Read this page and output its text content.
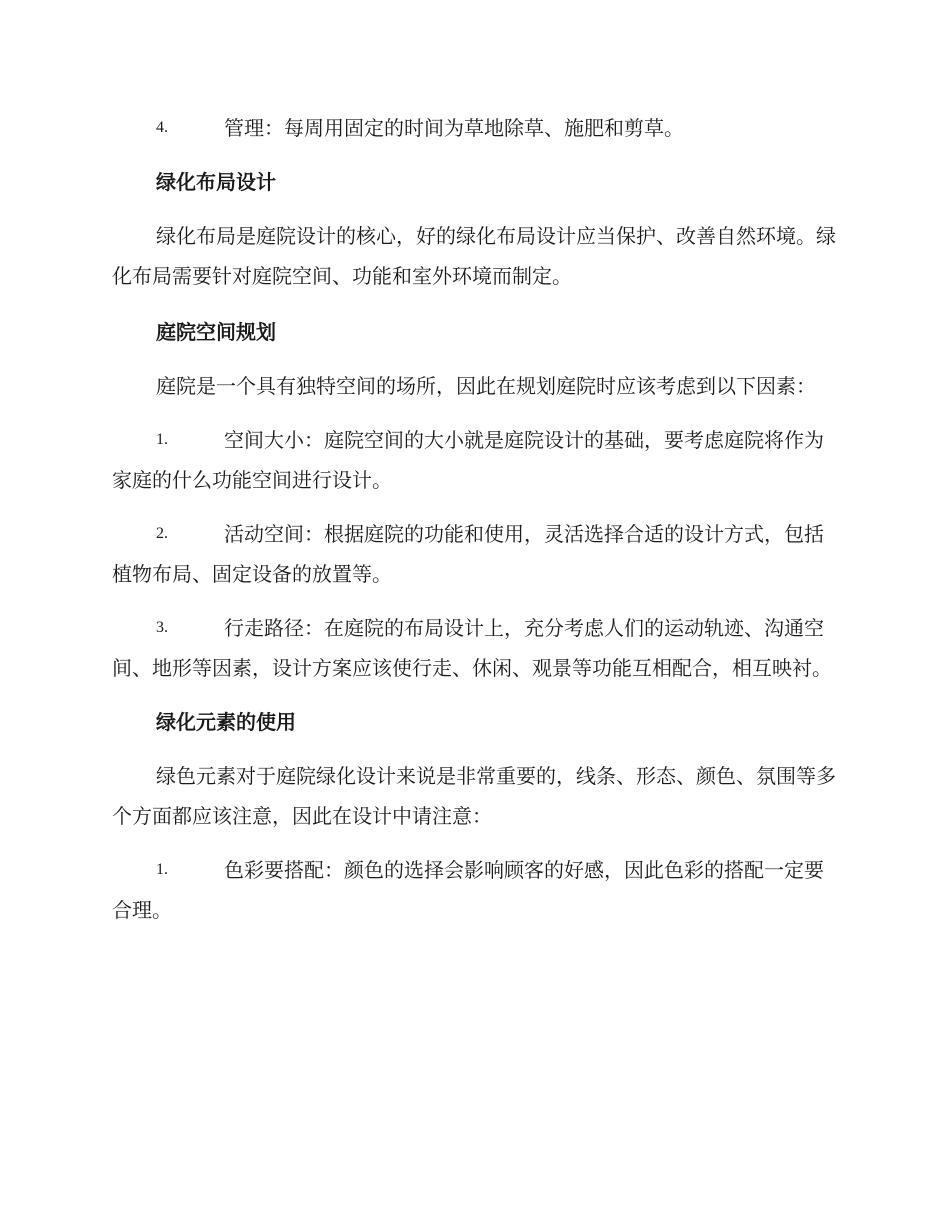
4.	管理：每周用固定的时间为草地除草、施肥和剪草。

绿化布局设计

绿化布局是庭院设计的核心，好的绿化布局设计应当保护、改善自然环境。绿化布局需要针对庭院空间、功能和室外环境而制定。

庭院空间规划

庭院是一个具有独特空间的场所，因此在规划庭院时应该考虑到以下因素：

1.	空间大小：庭院空间的大小就是庭院设计的基础，要考虑庭院将作为家庭的什么功能空间进行设计。

2.	活动空间：根据庭院的功能和使用，灵活选择合适的设计方式，包括植物布局、固定设备的放置等。

3.	行走路径：在庭院的布局设计上，充分考虑人们的运动轨迹、沟通空间、地形等因素，设计方案应该使行走、休闲、观景等功能互相配合，相互映衬。

绿化元素的使用

绿色元素对于庭院绿化设计来说是非常重要的，线条、形态、颜色、氛围等多个方面都应该注意，因此在设计中请注意：

1.	色彩要搭配：颜色的选择会影响顾客的好感，因此色彩的搭配一定要合理。
